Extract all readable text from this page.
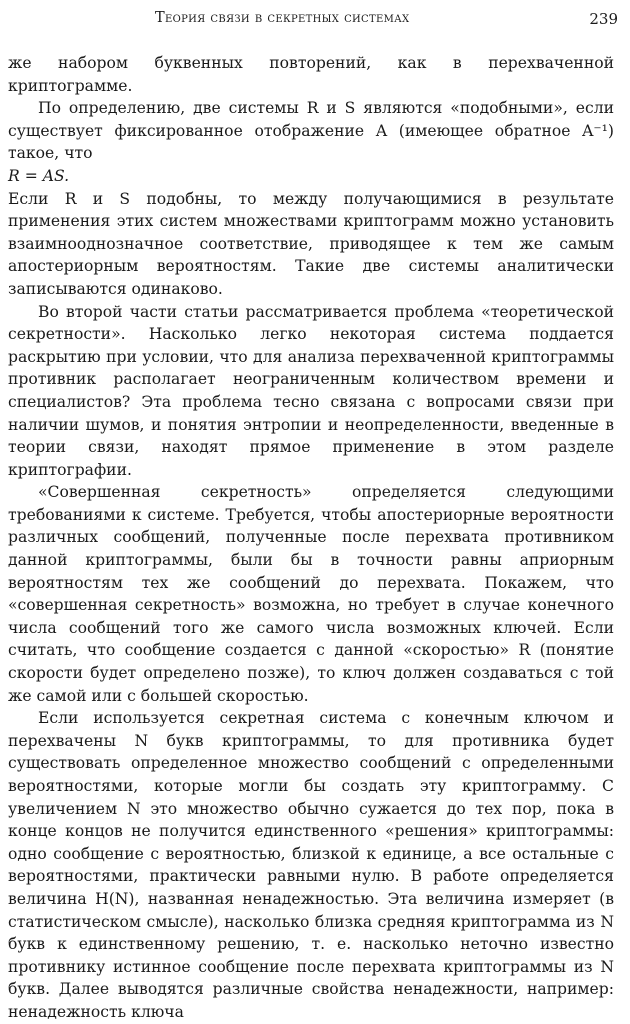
Теория связи в секретных системах	239

же набором буквенных повторений, как в перехваченной криптограмме.

По определению, две системы R и S являются «подобными», если существует фиксированное отображение A (имеющее обратное A⁻¹) такое, что

R = AS.

Если R и S подобны, то между получающимися в результате применения этих систем множествами криптограмм можно установить взаимнооднозначное соответствие, приводящее к тем же самым апостериорным вероятностям. Такие две системы аналитически записываются одинаково.

Во второй части статьи рассматривается проблема «теоретической секретности». Насколько легко некоторая система поддается раскрытию при условии, что для анализа перехваченной криптограммы противник располагает неограниченным количеством времени и специалистов? Эта проблема тесно связана с вопросами связи при наличии шумов, и понятия энтропии и неопределенности, введенные в теории связи, находят прямое применение в этом разделе криптографии.

«Совершенная секретность» определяется следующими требованиями к системе. Требуется, чтобы апостериорные вероятности различных сообщений, полученные после перехвата противником данной криптограммы, были бы в точности равны априорным вероятностям тех же сообщений до перехвата. Покажем, что «совершенная секретность» возможна, но требует в случае конечного числа сообщений того же самого числа возможных ключей. Если считать, что сообщение создается с данной «скоростью» R (понятие скорости будет определено позже), то ключ должен создаваться с той же самой или с большей скоростью.

Если используется секретная система с конечным ключом и перехвачены N букв криптограммы, то для противника будет существовать определенное множество сообщений с определенными вероятностями, которые могли бы создать эту криптограмму. С увеличением N это множество обычно сужается до тех пор, пока в конце концов не получится единственного «решения» криптограммы: одно сообщение с вероятностью, близкой к единице, а все остальные с вероятностями, практически равными нулю. В работе определяется величина H(N), названная ненадежностью. Эта величина измеряет (в статистическом смысле), насколько близка средняя криптограмма из N букв к единственному решению, т. е. насколько неточно известно противнику истинное сообщение после перехвата криптограммы из N букв. Далее выводятся различные свойства ненадежности, например: ненадежность ключа
